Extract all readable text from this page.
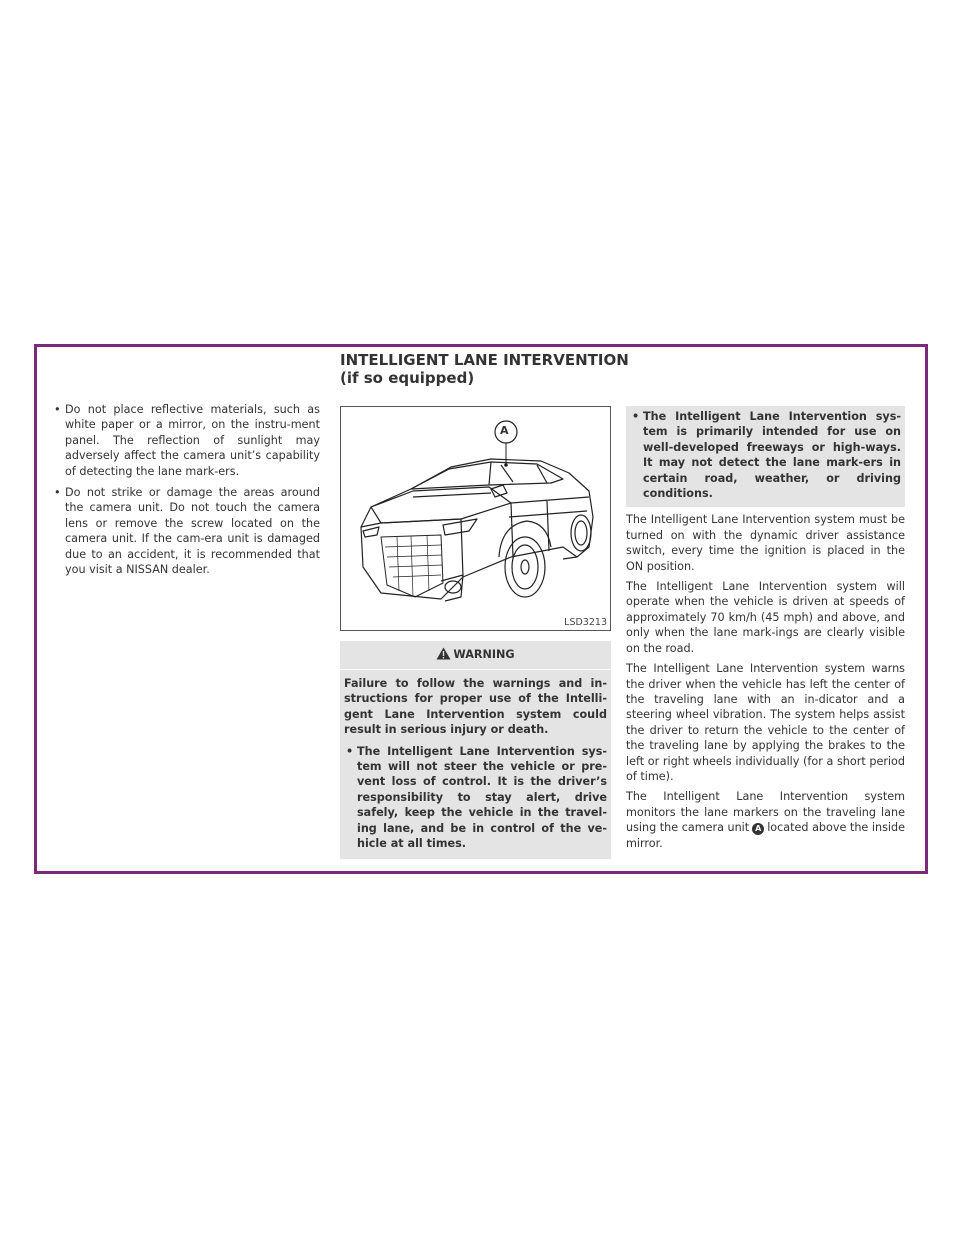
INTELLIGENT LANE INTERVENTION (if so equipped)
• Do not place reflective materials, such as white paper or a mirror, on the instru-ment panel. The reflection of sunlight may adversely affect the camera unit’s capability of detecting the lane mark-ers.
• Do not strike or damage the areas around the camera unit. Do not touch the camera lens or remove the screw located on the camera unit. If the cam-era unit is damaged due to an accident, it is recommended that you visit a NISSAN dealer.
A
LSD3213
WARNING

Failure to follow the warnings and in-structions for proper use of the Intelli-gent Lane Intervention system could result in serious injury or death.

• The Intelligent Lane Intervention sys-tem will not steer the vehicle or pre-vent loss of control. It is the driver’s responsibility to stay alert, drive safely, keep the vehicle in the travel-ing lane, and be in control of the ve-hicle at all times.
• The Intelligent Lane Intervention sys-tem is primarily intended for use on well-developed freeways or high-ways. It may not detect the lane mark-ers in certain road, weather, or driving conditions.

The Intelligent Lane Intervention system must be turned on with the dynamic driver assistance switch, every time the ignition is placed in the ON position.

The Intelligent Lane Intervention system will operate when the vehicle is driven at speeds of approximately 70 km/h (45 mph) and above, and only when the lane mark-ings are clearly visible on the road.

The Intelligent Lane Intervention system warns the driver when the vehicle has left the center of the traveling lane with an in-dicator and a steering wheel vibration. The system helps assist the driver to return the vehicle to the center of the traveling lane by applying the brakes to the left or right wheels individually (for a short period of time).

The Intelligent Lane Intervention system monitors the lane markers on the traveling lane using the camera unit A located above the inside mirror.
